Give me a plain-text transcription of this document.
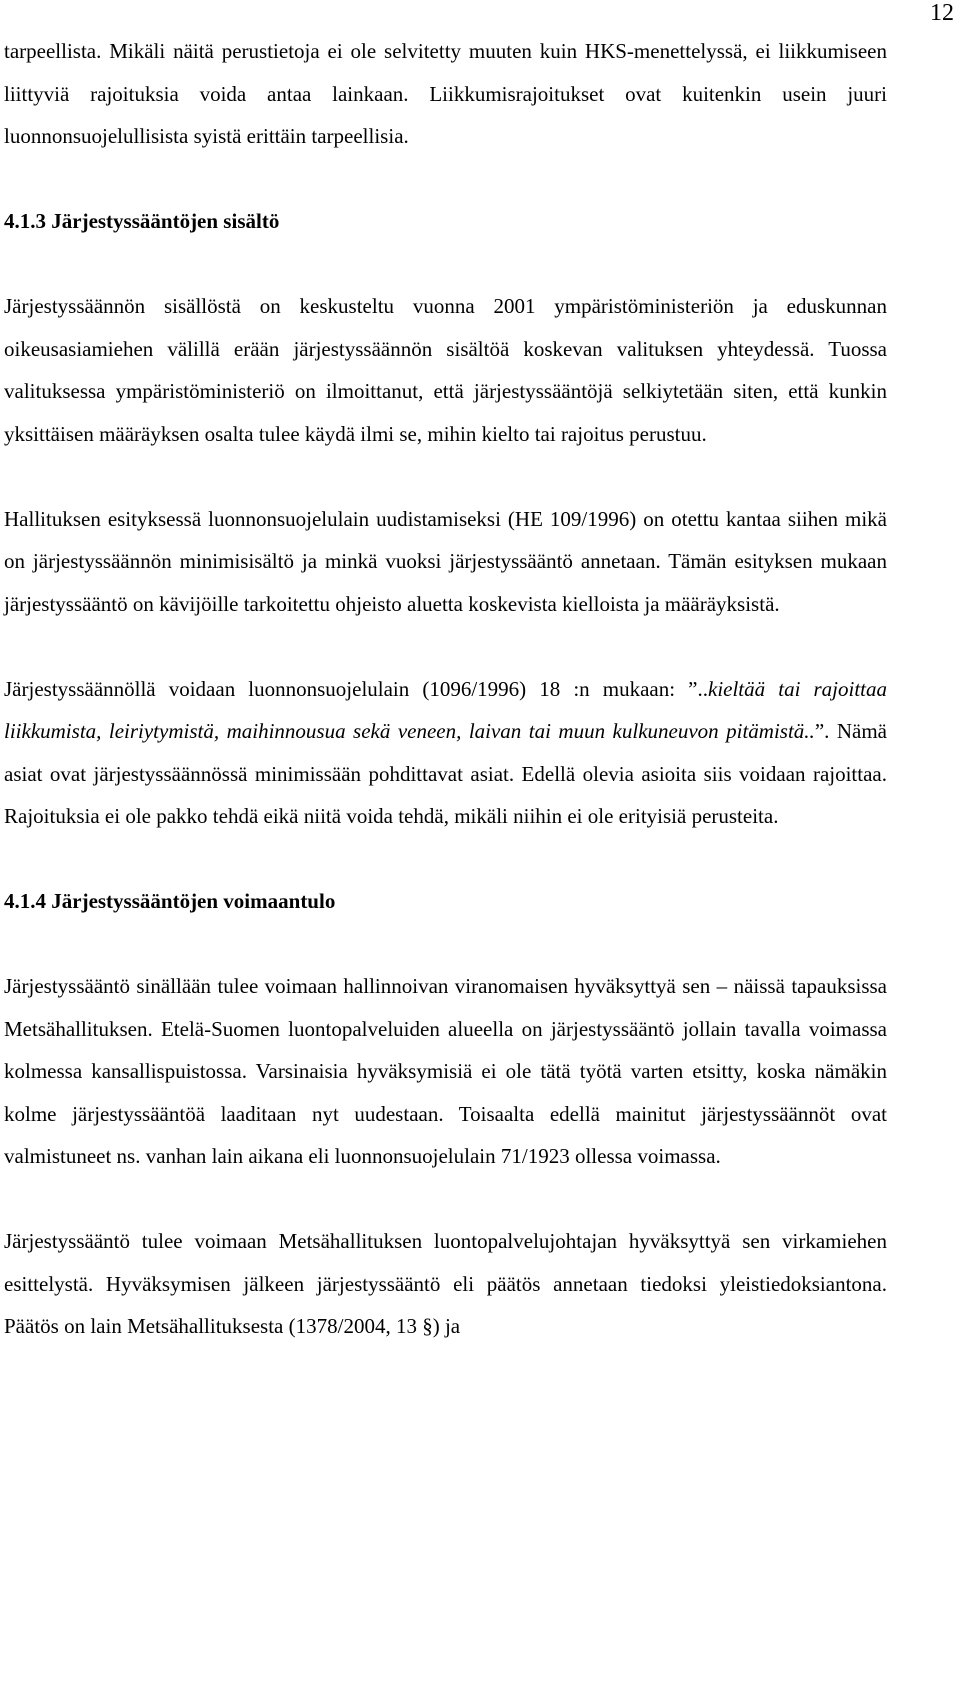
12

tarpeellista. Mikäli näitä perustietoja ei ole selvitetty muuten kuin HKS-menettelyssä, ei liikkumiseen liittyviä rajoituksia voida antaa lainkaan. Liikkumisrajoitukset ovat kuitenkin usein juuri luonnonsuojelullisista syistä erittäin tarpeellisia.

4.1.3 Järjestyssääntöjen sisältö

Järjestyssäännön sisällöstä on keskusteltu vuonna 2001 ympäristöministeriön ja eduskunnan oikeusasiamiehen välillä erään järjestyssäännön sisältöä koskevan valituksen yhteydessä. Tuossa valituksessa ympäristöministeriö on ilmoittanut, että järjestyssääntöjä selkiytetään siten, että kunkin yksittäisen määräyksen osalta tulee käydä ilmi se, mihin kielto tai rajoitus perustuu.

Hallituksen esityksessä luonnonsuojelulain uudistamiseksi (HE 109/1996) on otettu kantaa siihen mikä on järjestyssäännön minimisisältö ja minkä vuoksi järjestyssääntö annetaan. Tämän esityksen mukaan järjestyssääntö on kävijöille tarkoitettu ohjeisto aluetta koskevista kielloista ja määräyksistä.

Järjestyssäännöllä voidaan luonnonsuojelulain (1096/1996) 18 :n mukaan: ”..kieltää tai rajoittaa liikkumista, leiriytymistä, maihinnousua sekä veneen, laivan tai muun kulkuneuvon pitämistä..”. Nämä asiat ovat järjestyssäännössä minimissään pohdittavat asiat. Edellä olevia asioita siis voidaan rajoittaa. Rajoituksia ei ole pakko tehdä eikä niitä voida tehdä, mikäli niihin ei ole erityisiä perusteita.

4.1.4 Järjestyssääntöjen voimaantulo

Järjestyssääntö sinällään tulee voimaan hallinnoivan viranomaisen hyväksyttyä sen – näissä tapauksissa Metsähallituksen. Etelä-Suomen luontopalveluiden alueella on järjestyssääntö jollain tavalla voimassa kolmessa kansallispuistossa. Varsinaisia hyväksymisiä ei ole tätä työtä varten etsitty, koska nämäkin kolme järjestyssääntöä laaditaan nyt uudestaan. Toisaalta edellä mainitut järjestyssäännöt ovat valmistuneet ns. vanhan lain aikana eli luonnonsuojelulain 71/1923 ollessa voimassa.

Järjestyssääntö tulee voimaan Metsähallituksen luontopalvelujohtajan hyväksyttyä sen virkamiehen esittelystä. Hyväksymisen jälkeen järjestyssääntö eli päätös annetaan tiedoksi yleistiedoksiantona. Päätös on lain Metsähallituksesta (1378/2004, 13 §) ja
